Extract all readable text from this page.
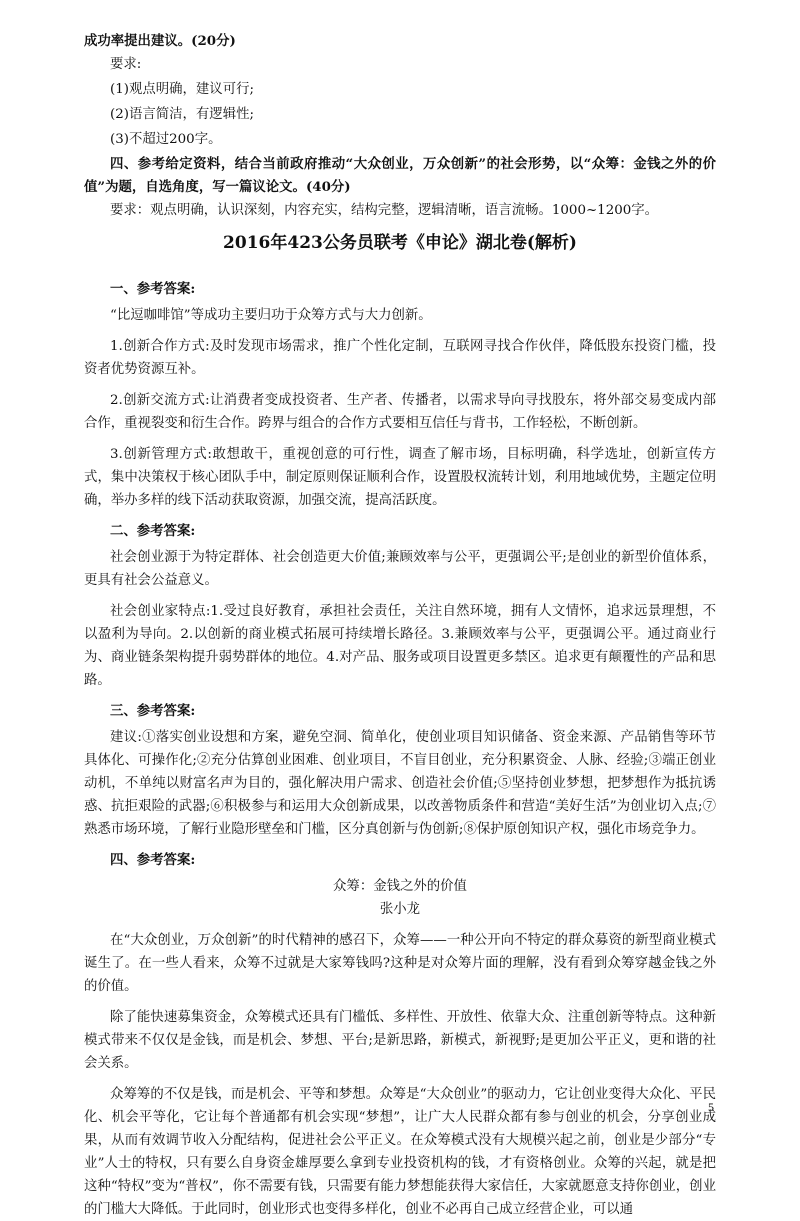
成功率提出建议。(20分)

要求:

(1)观点明确，建议可行;

(2)语言简洁，有逻辑性;

(3)不超过200字。

四、参考给定资料，结合当前政府推动“大众创业，万众创新”的社会形势，以“众筹：金钱之外的价值”为题，自选角度，写一篇议论文。(40分)

要求：观点明确，认识深刻，内容充实，结构完整，逻辑清晰，语言流畅。1000~1200字。

2016年423公务员联考《申论》湖北卷(解析)

一、参考答案:

“比逗咖啡馆”等成功主要归功于众筹方式与大力创新。

1.创新合作方式:及时发现市场需求，推广个性化定制，互联网寻找合作伙伴，降低股东投资门槛，投资者优势资源互补。

2.创新交流方式:让消费者变成投资者、生产者、传播者，以需求导向寻找股东，将外部交易变成内部合作，重视裂变和衍生合作。跨界与组合的合作方式要相互信任与背书，工作轻松，不断创新。

3.创新管理方式:敢想敢干，重视创意的可行性，调查了解市场，目标明确，科学选址，创新宣传方式，集中决策权于核心团队手中，制定原则保证顺利合作，设置股权流转计划，利用地域优势，主题定位明确，举办多样的线下活动获取资源，加强交流，提高活跃度。

二、参考答案:

社会创业源于为特定群体、社会创造更大价值;兼顾效率与公平，更强调公平;是创业的新型价值体系，更具有社会公益意义。

社会创业家特点:1.受过良好教育，承担社会责任，关注自然环境，拥有人文情怀，追求远景理想，不以盈利为导向。2.以创新的商业模式拓展可持续增长路径。3.兼顾效率与公平，更强调公平。通过商业行为、商业链条架构提升弱势群体的地位。4.对产品、服务或项目设置更多禁区。追求更有颠覆性的产品和思路。

三、参考答案:

建议:①落实创业设想和方案，避免空洞、简单化，使创业项目知识储备、资金来源、产品销售等环节具体化、可操作化;②充分估算创业困难、创业项目，不盲目创业，充分积累资金、人脉、经验;③端正创业动机，不单纯以财富名声为目的，强化解决用户需求、创造社会价值;⑤坚持创业梦想，把梦想作为抵抗诱惑、抗拒艰险的武器;⑥积极参与和运用大众创新成果，以改善物质条件和营造“美好生活”为创业切入点;⑦熟悉市场环境，了解行业隐形壁垒和门槛，区分真创新与伪创新;⑧保护原创知识产权，强化市场竞争力。

四、参考答案:

众筹：金钱之外的价值

张小龙

在“大众创业，万众创新”的时代精神的感召下，众筹——一种公开向不特定的群众募资的新型商业模式诞生了。在一些人看来，众筹不过就是大家筹钱吗?这种是对众筹片面的理解，没有看到众筹穿越金钱之外的价值。

除了能快速募集资金，众筹模式还具有门槛低、多样性、开放性、依靠大众、注重创新等特点。这种新模式带来不仅仅是金钱，而是机会、梦想、平台;是新思路，新模式，新视野;是更加公平正义，更和谐的社会关系。

众筹筹的不仅是钱，而是机会、平等和梦想。众筹是“大众创业”的驱动力，它让创业变得大众化、平民化、机会平等化，它让每个普通都有机会实现“梦想”，让广大人民群众都有参与创业的机会，分享创业成果，从而有效调节收入分配结构，促进社会公平正义。在众筹模式没有大规模兴起之前，创业是少部分“专业”人士的特权，只有要么自身资金雄厚要么拿到专业投资机构的钱，才有资格创业。众筹的兴起，就是把这种“特权”变为“普权”，你不需要有钱，只需要有能力梦想能获得大家信任，大家就愿意支持你创业，创业的门槛大大降低。于此同时，创业形式也变得多样化，创业不必再自己成立经营企业，可以通

5
